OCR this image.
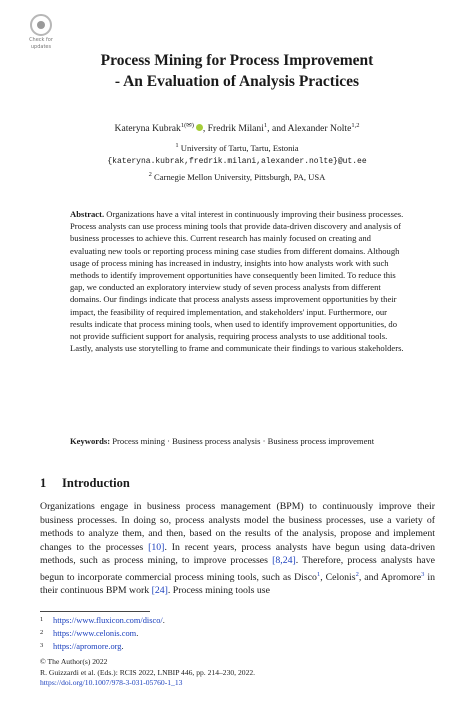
Check for
updates
Process Mining for Process Improvement
- An Evaluation of Analysis Practices
Kateryna Kubrak$^{1(✉)}$ , Fredrik Milani$^1$, and Alexander Nolte$^{1,2}$
$^1$ University of Tartu, Tartu, Estonia
{kateryna.kubrak,fredrik.milani,alexander.nolte}@ut.ee
$^2$ Carnegie Mellon University, Pittsburgh, PA, USA
Abstract. Organizations have a vital interest in continuously improving their business processes. Process analysts can use process mining tools that provide data-driven discovery and analysis of business processes to achieve this. Current research has mainly focused on creating and evaluating new tools or reporting process mining case studies from different domains. Although usage of process mining has increased in industry, insights into how analysts work with such methods to identify improvement opportunities have consequently been limited. To reduce this gap, we conducted an exploratory interview study of seven process analysts from different domains. Our findings indicate that process analysts assess improvement opportunities by their impact, the feasibility of required implementation, and stakeholders' input. Furthermore, our results indicate that process mining tools, when used to identify improvement opportunities, do not provide sufficient support for analysis, requiring process analysts to use additional tools. Lastly, analysts use storytelling to frame and communicate their findings to various stakeholders.
Keywords: Process mining · Business process analysis · Business process improvement
1 Introduction
Organizations engage in business process management (BPM) to continuously improve their business processes. In doing so, process analysts model the business processes, use a variety of methods to analyze them, and then, based on the results of the analysis, propose and implement changes to the processes [10]. In recent years, process analysts have begun using data-driven methods, such as process mining, to improve processes [8,24]. Therefore, process analysts have begun to incorporate commercial process mining tools, such as Disco$^1$, Celonis$^2$, and Apromore$^3$ in their continuous BPM work [24]. Process mining tools use
1 https://www.fluxicon.com/disco/.
2 https://www.celonis.com.
3 https://apromore.org.
© The Author(s) 2022
R. Guizzardi et al. (Eds.): RCIS 2022, LNBIP 446, pp. 214–230, 2022.
https://doi.org/10.1007/978-3-031-05760-1_13
